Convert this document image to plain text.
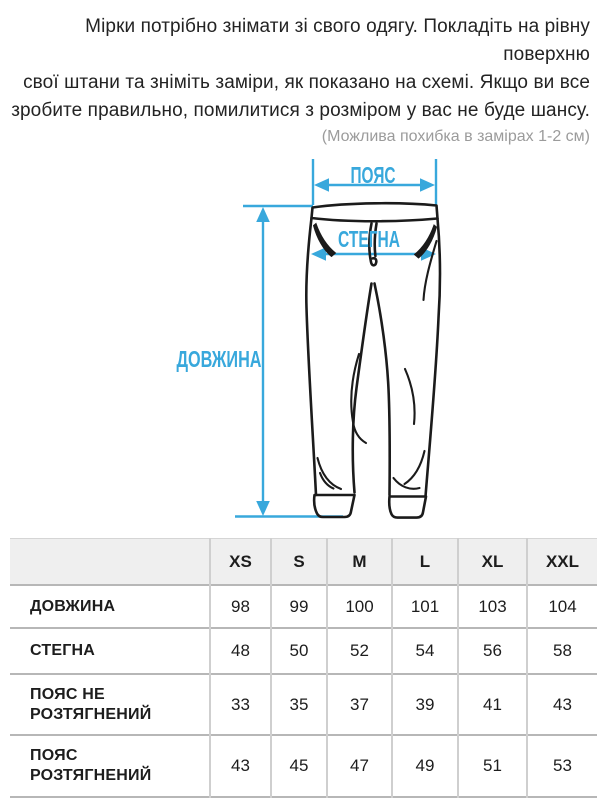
Мірки потрібно знімати зі свого одягу. Покладіть на рівну поверхню
свої штани та зніміть заміри, як показано на схемі. Якщо ви все
зробите правильно, помилитися з розміром у вас не буде шансу.
(Можлива похибка в замірах 1-2 см)
ПОЯС
СТЕГНА
ДОВЖИНА
	XS	S	M	L	XL	XXL
ДОВЖИНА	98	99	100	101	103	104
СТЕГНА	48	50	52	54	56	58
ПОЯС НЕ РОЗТЯГНЕНИЙ	33	35	37	39	41	43
ПОЯС РОЗТЯГНЕНИЙ	43	45	47	49	51	53
